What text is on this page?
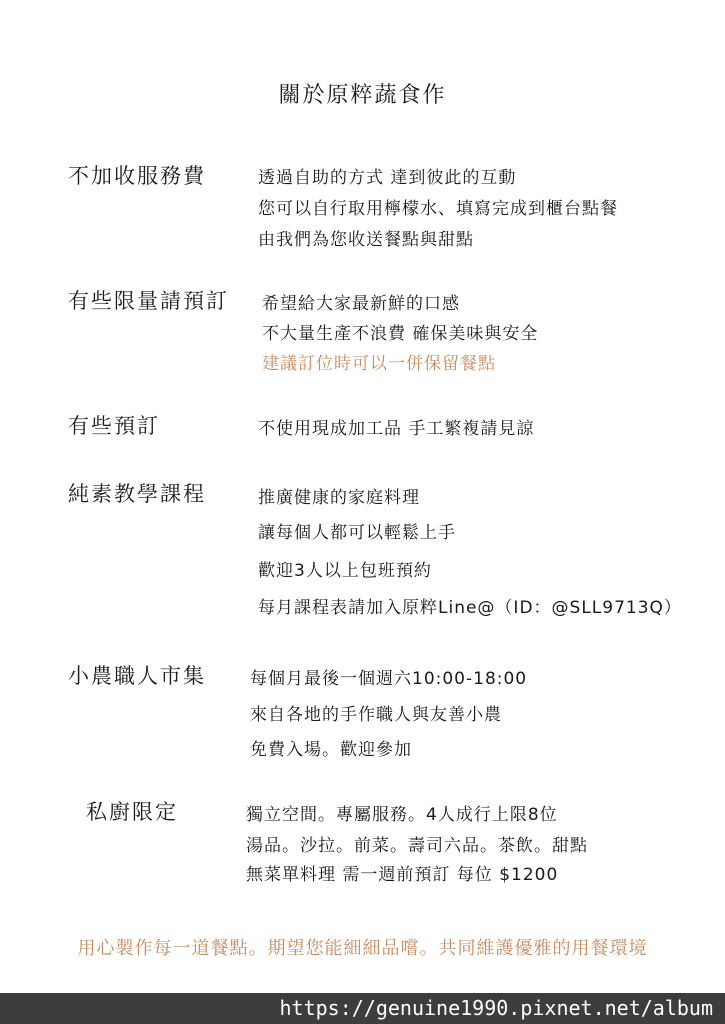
關於原粹蔬食作
不加收服務費	透過自助的方式 達到彼此的互動
您可以自行取用檸檬水、填寫完成到櫃台點餐
由我們為您收送餐點與甜點
有些限量請預訂 希望給大家最新鮮的口感
不大量生產不浪費 確保美味與安全
建議訂位時可以一併保留餐點
有些預訂	不使用現成加工品 手工繁複請見諒
純素教學課程	推廣健康的家庭料理
讓每個人都可以輕鬆上手
歡迎3人以上包班預約
每月課程表請加入原粹Line@（ID：@SLL9713Q）
小農職人市集	每個月最後一個週六10:00-18:00
來自各地的手作職人與友善小農
免費入場。歡迎參加
私廚限定	獨立空間。專屬服務。4人成行上限8位
湯品。沙拉。前菜。壽司六品。茶飲。甜點
無菜單料理 需一週前預訂 每位 $1200
用心製作每一道餐點。期望您能細細品嚐。共同維護優雅的用餐環境
https://genuine1990.pixnet.net/album
